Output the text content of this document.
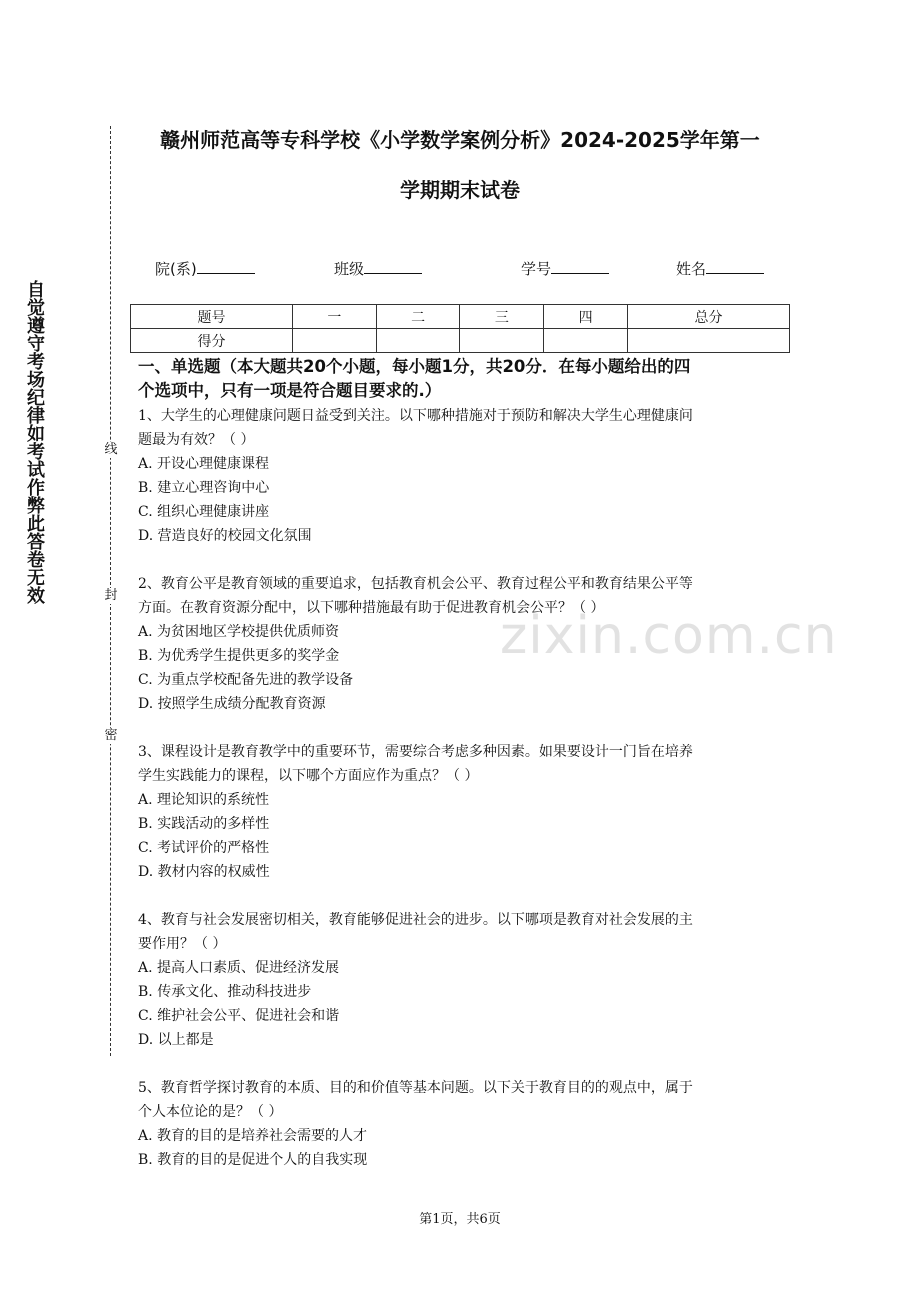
自觉遵守考场纪律如考试作弊此答卷无效	线
封
密
赣州师范高等专科学校《小学数学案例分析》2024-2025学年第一
学期期末试卷
院(系)	班级	学号	姓名
题号	一	二	三	四	总分
得分					
一、单选题（本大题共20个小题，每小题1分，共20分．在每小题给出的四
个选项中，只有一项是符合题目要求的.）
zixin.com.cn
1、大学生的心理健康问题日益受到关注。以下哪种措施对于预防和解决大学生心理健康问
题最为有效？（ ）
A. 开设心理健康课程
B. 建立心理咨询中心
C. 组织心理健康讲座
D. 营造良好的校园文化氛围
2、教育公平是教育领域的重要追求，包括教育机会公平、教育过程公平和教育结果公平等
方面。在教育资源分配中，以下哪种措施最有助于促进教育机会公平？（ ）
A. 为贫困地区学校提供优质师资
B. 为优秀学生提供更多的奖学金
C. 为重点学校配备先进的教学设备
D. 按照学生成绩分配教育资源
3、课程设计是教育教学中的重要环节，需要综合考虑多种因素。如果要设计一门旨在培养
学生实践能力的课程，以下哪个方面应作为重点？（ ）
A. 理论知识的系统性
B. 实践活动的多样性
C. 考试评价的严格性
D. 教材内容的权威性
4、教育与社会发展密切相关，教育能够促进社会的进步。以下哪项是教育对社会发展的主
要作用？（ ）
A. 提高人口素质、促进经济发展
B. 传承文化、推动科技进步
C. 维护社会公平、促进社会和谐
D. 以上都是
5、教育哲学探讨教育的本质、目的和价值等基本问题。以下关于教育目的的观点中，属于
个人本位论的是？（ ）
A. 教育的目的是培养社会需要的人才
B. 教育的目的是促进个人的自我实现
第1页，共6页
